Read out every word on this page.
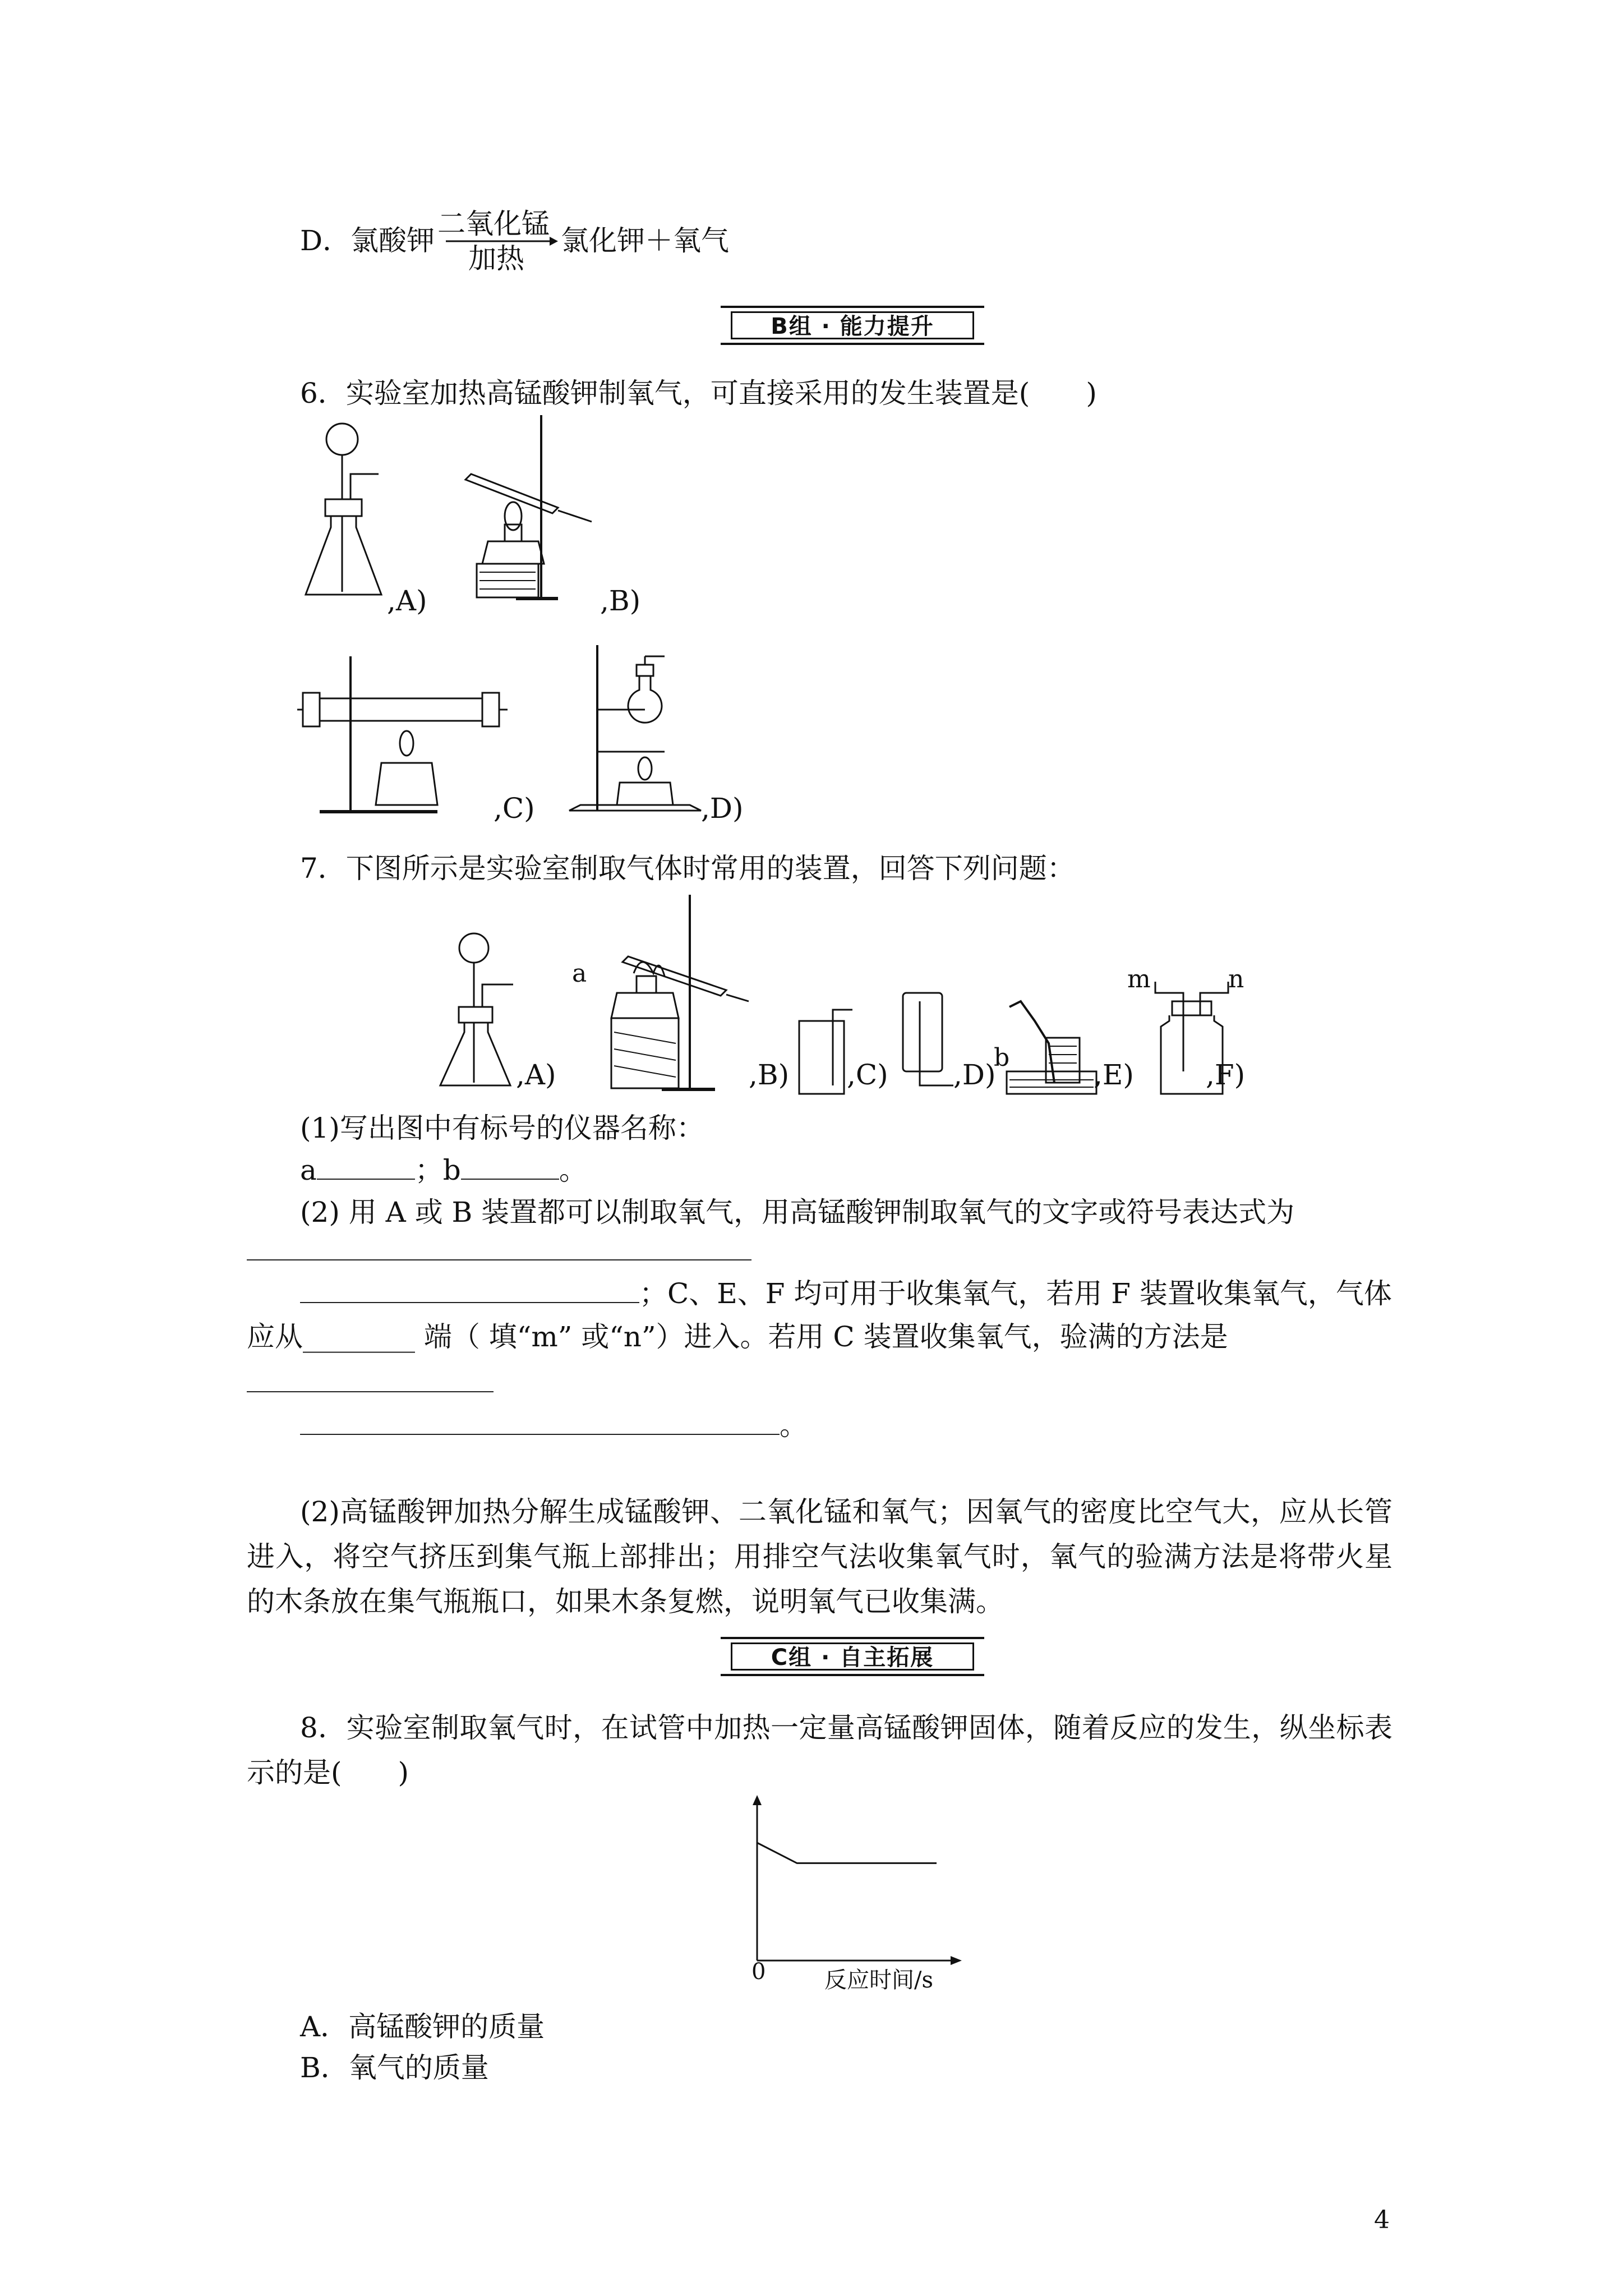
D．氯酸钾
二氧化锰
加热
氯化钾＋氧气
B组 · 能力提升
6．实验室加热高锰酸钾制氧气，可直接采用的发生装置是(　　)
,A)	,B)
,C)	,D)
7．下图所示是实验室制取气体时常用的装置，回答下列问题：
,A)
a
,B) ,C) ,D)
b
,E)
m	n
,F)
(1)写出图中有标号的仪器名称：
a	；b	。
(2) 用 A 或 B 装置都可以制取氧气，用高锰酸钾制取氧气的文字或符号表达式为
；C、E、F 均可用于收集氧气，若用 F 装置收集氧气，气体
应从________ 端（ 填“m” 或“n”）进入。若用 C 装置收集氧气，验满的方法是
。
(2)高锰酸钾加热分解生成锰酸钾、二氧化锰和氧气；因氧气的密度比空气大，应从长管进入，将空气挤压到集气瓶上部排出；用排空气法收集氧气时，氧气的验满方法是将带火星的木条放在集气瓶瓶口，如果木条复燃，说明氧气已收集满。
C组 · 自主拓展
8．实验室制取氧气时，在试管中加热一定量高锰酸钾固体，随着反应的发生，纵坐标表示的是(　　)
0	反应时间/s
A．高锰酸钾的质量
B．氧气的质量
4
